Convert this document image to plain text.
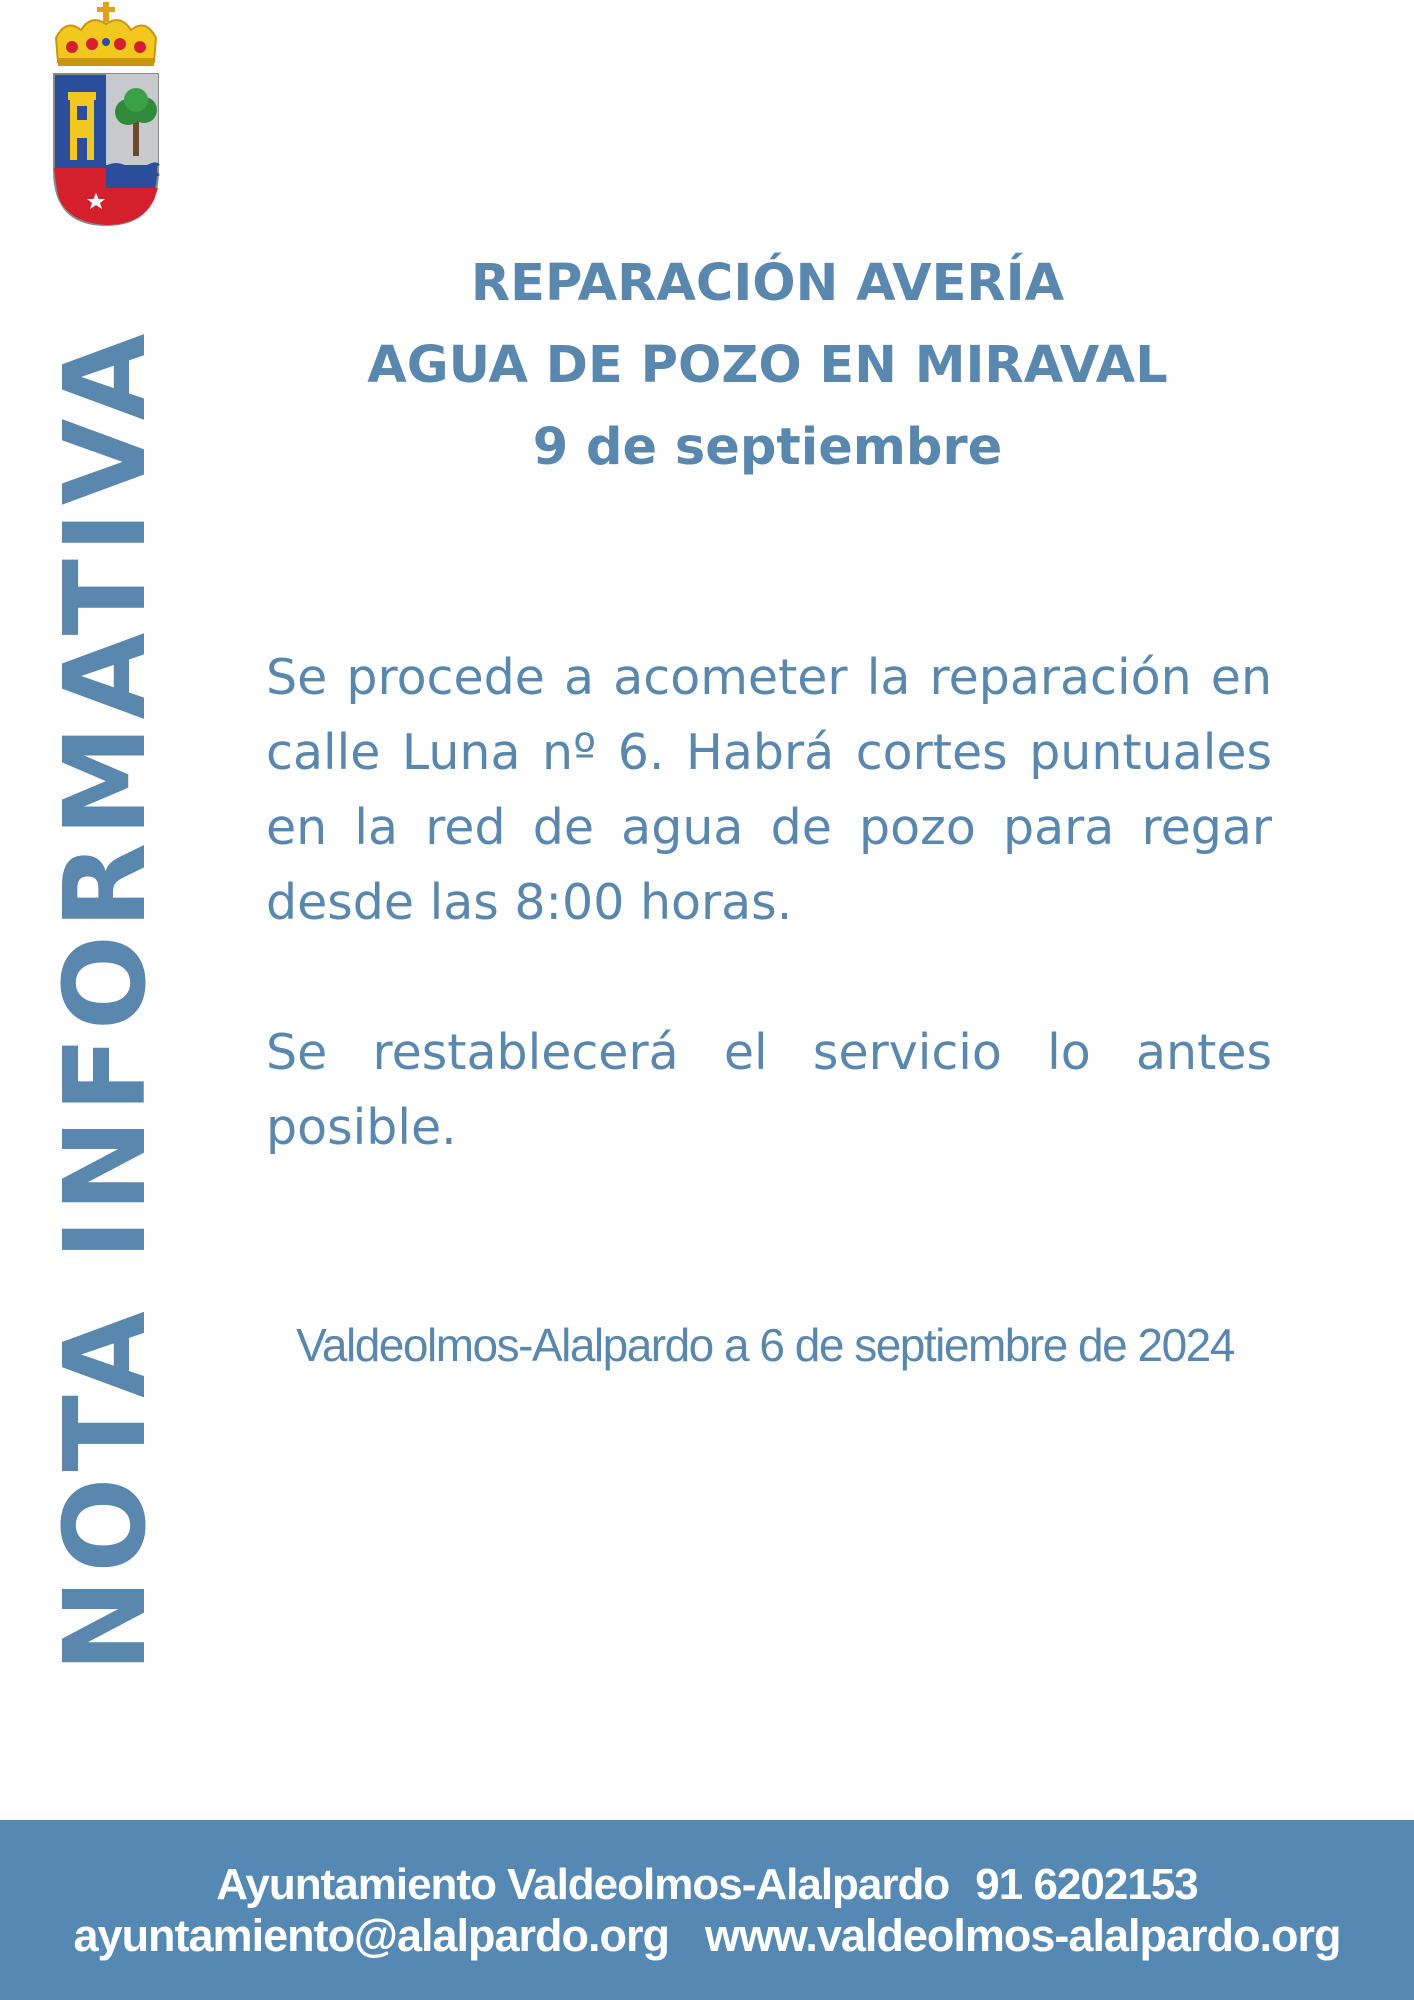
NOTA INFORMATIVA
REPARACIÓN AVERÍA
AGUA DE POZO EN MIRAVAL
9 de septiembre

Se procede a acometer la reparación en calle Luna nº 6. Habrá cortes puntuales en la red de agua de pozo para regar desde las 8:00 horas.

Se restablecerá el servicio lo antes posible.

Valdeolmos-Alalpardo a 6 de septiembre de 2024
Ayuntamiento Valdeolmos-Alalpardo 91 6202153
ayuntamiento@alalpardo.org www.valdeolmos-alalpardo.org
